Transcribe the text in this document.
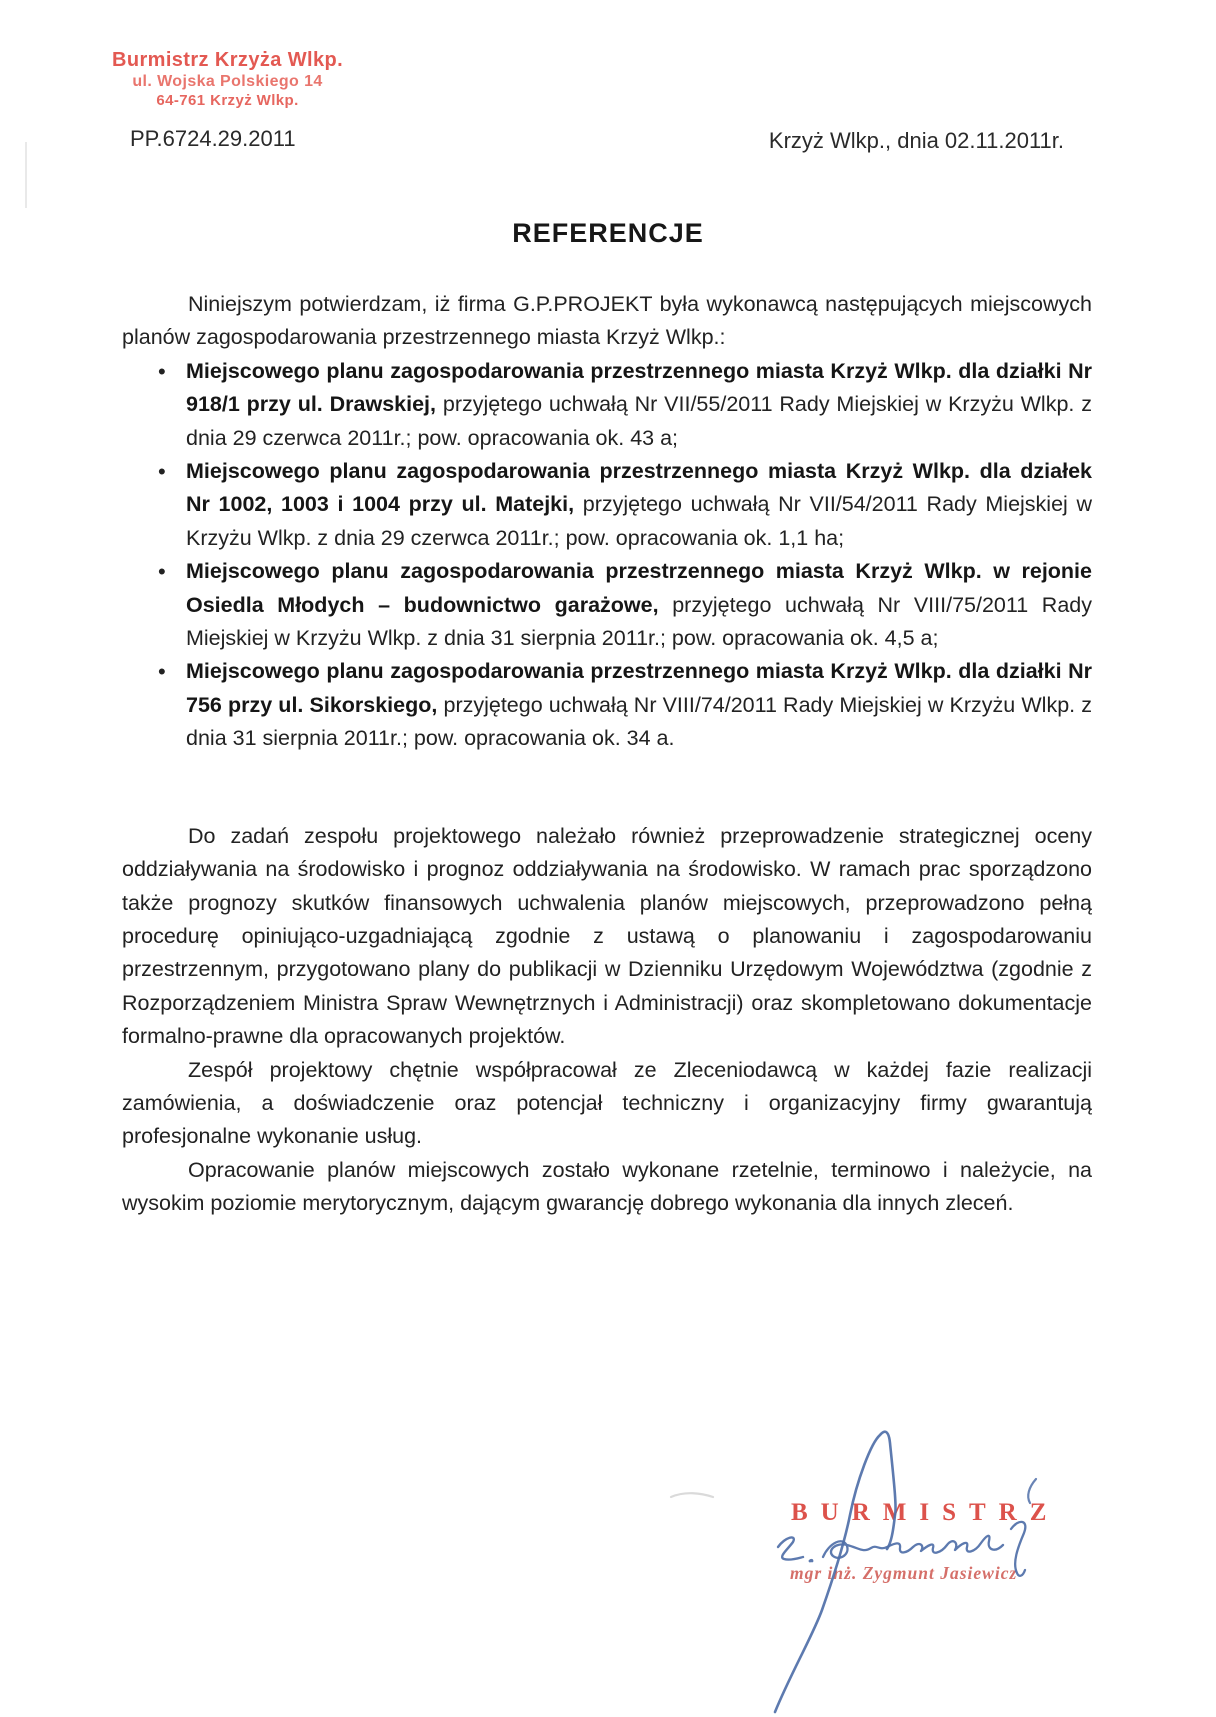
Burmistrz Krzyża Wlkp.
ul. Wojska Polskiego 14
64-761 Krzyż Wlkp.
PP.6724.29.2011	Krzyż Wlkp., dnia 02.11.2011r.
REFERENCJE

Niniejszym potwierdzam, iż firma G.P.PROJEKT była wykonawcą następujących miejscowych planów zagospodarowania przestrzennego miasta Krzyż Wlkp.:

• Miejscowego planu zagospodarowania przestrzennego miasta Krzyż Wlkp. dla działki Nr 918/1 przy ul. Drawskiej, przyjętego uchwałą Nr VII/55/2011 Rady Miejskiej w Krzyżu Wlkp. z dnia 29 czerwca 2011r.; pow. opracowania ok. 43 a;
• Miejscowego planu zagospodarowania przestrzennego miasta Krzyż Wlkp. dla działek Nr 1002, 1003 i 1004 przy ul. Matejki, przyjętego uchwałą Nr VII/54/2011 Rady Miejskiej w Krzyżu Wlkp. z dnia 29 czerwca 2011r.; pow. opracowania ok. 1,1 ha;
• Miejscowego planu zagospodarowania przestrzennego miasta Krzyż Wlkp. w rejonie Osiedla Młodych – budownictwo garażowe, przyjętego uchwałą Nr VIII/75/2011 Rady Miejskiej w Krzyżu Wlkp. z dnia 31 sierpnia 2011r.; pow. opracowania ok. 4,5 a;
• Miejscowego planu zagospodarowania przestrzennego miasta Krzyż Wlkp. dla działki Nr 756 przy ul. Sikorskiego, przyjętego uchwałą Nr VIII/74/2011 Rady Miejskiej w Krzyżu Wlkp. z dnia 31 sierpnia 2011r.; pow. opracowania ok. 34 a.

Do zadań zespołu projektowego należało również przeprowadzenie strategicznej oceny oddziaływania na środowisko i prognoz oddziaływania na środowisko. W ramach prac sporządzono także prognozy skutków finansowych uchwalenia planów miejscowych, przeprowadzono pełną procedurę opiniująco-uzgadniającą zgodnie z ustawą o planowaniu i zagospodarowaniu przestrzennym, przygotowano plany do publikacji w Dzienniku Urzędowym Województwa (zgodnie z Rozporządzeniem Ministra Spraw Wewnętrznych i Administracji) oraz skompletowano dokumentacje formalno-prawne dla opracowanych projektów.

Zespół projektowy chętnie współpracował ze Zleceniodawcą w każdej fazie realizacji zamówienia, a doświadczenie oraz potencjał techniczny i organizacyjny firmy gwarantują profesjonalne wykonanie usług.

Opracowanie planów miejscowych zostało wykonane rzetelnie, terminowo i należycie, na wysokim poziomie merytorycznym, dającym gwarancję dobrego wykonania dla innych zleceń.

BURMISTRZ
mgr inż. Zygmunt Jasiewicz
